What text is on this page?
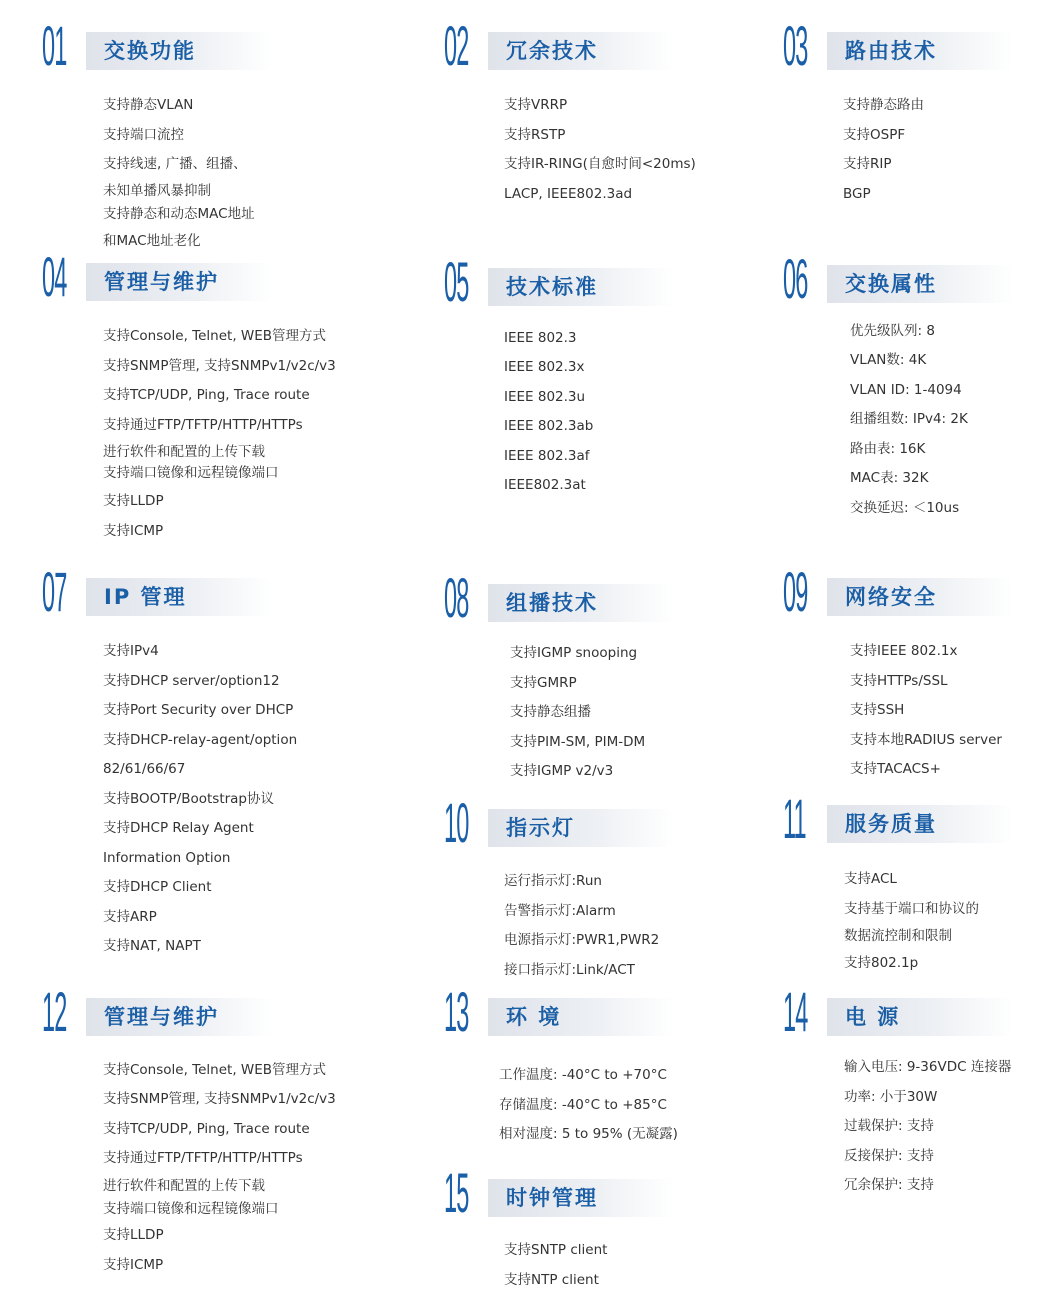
01 交换功能
支持静态VLAN
支持端口流控
支持线速, 广播、组播、
未知单播风暴抑制
支持静态和动态MAC地址
和MAC地址老化
02 冗余技术
支持VRRP
支持RSTP
支持IR-RING(自愈时间<20ms)
LACP, IEEE802.3ad
03 路由技术
支持静态路由
支持OSPF
支持RIP
BGP
04 管理与维护
支持Console, Telnet, WEB管理方式
支持SNMP管理, 支持SNMPv1/v2c/v3
支持TCP/UDP, Ping, Trace route
支持通过FTP/TFTP/HTTP/HTTPs
进行软件和配置的上传下载
支持端口镜像和远程镜像端口
支持LLDP
支持ICMP
05 技术标准
IEEE 802.3
IEEE 802.3x
IEEE 802.3u
IEEE 802.3ab
IEEE 802.3af
IEEE802.3at
06 交换属性
优先级队列: 8
VLAN数: 4K
VLAN ID: 1-4094
组播组数: IPv4: 2K
路由表: 16K
MAC表: 32K
交换延迟: ＜10us
07 IP 管理
支持IPv4
支持DHCP server/option12
支持Port Security over DHCP
支持DHCP-relay-agent/option
82/61/66/67
支持BOOTP/Bootstrap协议
支持DHCP Relay Agent
Information Option
支持DHCP Client
支持ARP
支持NAT, NAPT
08 组播技术
支持IGMP snooping
支持GMRP
支持静态组播
支持PIM-SM, PIM-DM
支持IGMP v2/v3
09 网络安全
支持IEEE 802.1x
支持HTTPs/SSL
支持SSH
支持本地RADIUS server
支持TACACS+
10 指示灯
运行指示灯:Run
告警指示灯:Alarm
电源指示灯:PWR1,PWR2
接口指示灯:Link/ACT
11 服务质量
支持ACL
支持基于端口和协议的
数据流控制和限制
支持802.1p
12 管理与维护
支持Console, Telnet, WEB管理方式
支持SNMP管理, 支持SNMPv1/v2c/v3
支持TCP/UDP, Ping, Trace route
支持通过FTP/TFTP/HTTP/HTTPs
进行软件和配置的上传下载
支持端口镜像和远程镜像端口
支持LLDP
支持ICMP
13 环 境
工作温度: -40°C to +70°C
存储温度: -40°C to +85°C
相对湿度: 5 to 95% (无凝露)
14 电 源
输入电压: 9-36VDC 连接器
功率: 小于30W
过载保护: 支持
反接保护: 支持
冗余保护: 支持
15 时钟管理
支持SNTP client
支持NTP client
